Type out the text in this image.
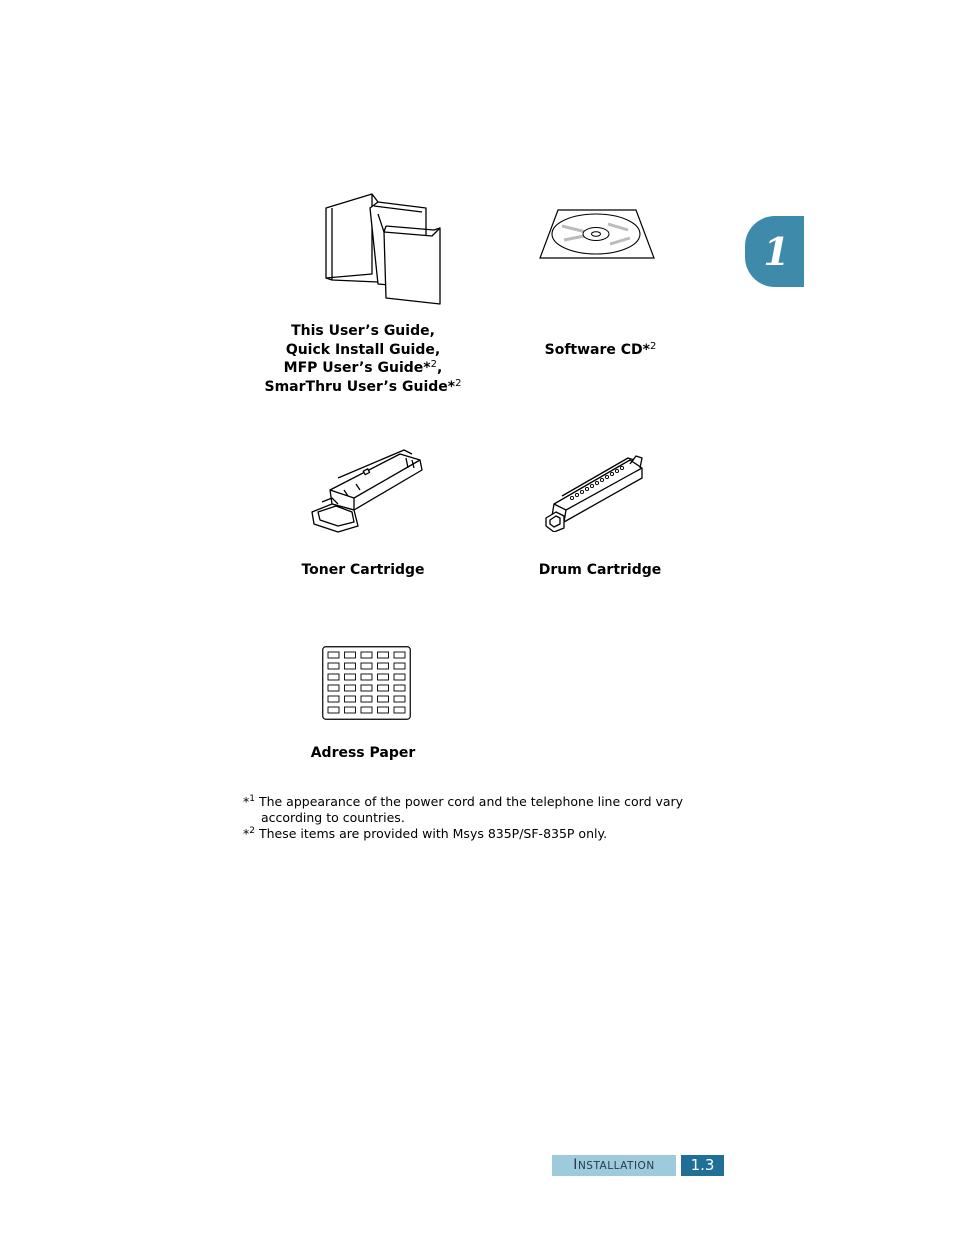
1
This User’s Guide,
Quick Install Guide,
MFP User’s Guide*$^2$,
SmarThru User’s Guide*$^2$
Software CD*$^2$
Toner Cartridge	Drum Cartridge
Adress Paper
*$^1$ The appearance of the power cord and the telephone line cord vary
according to countries.
*$^2$ These items are provided with Msys 835P/SF-835P only.
INSTALLATION	1.3
